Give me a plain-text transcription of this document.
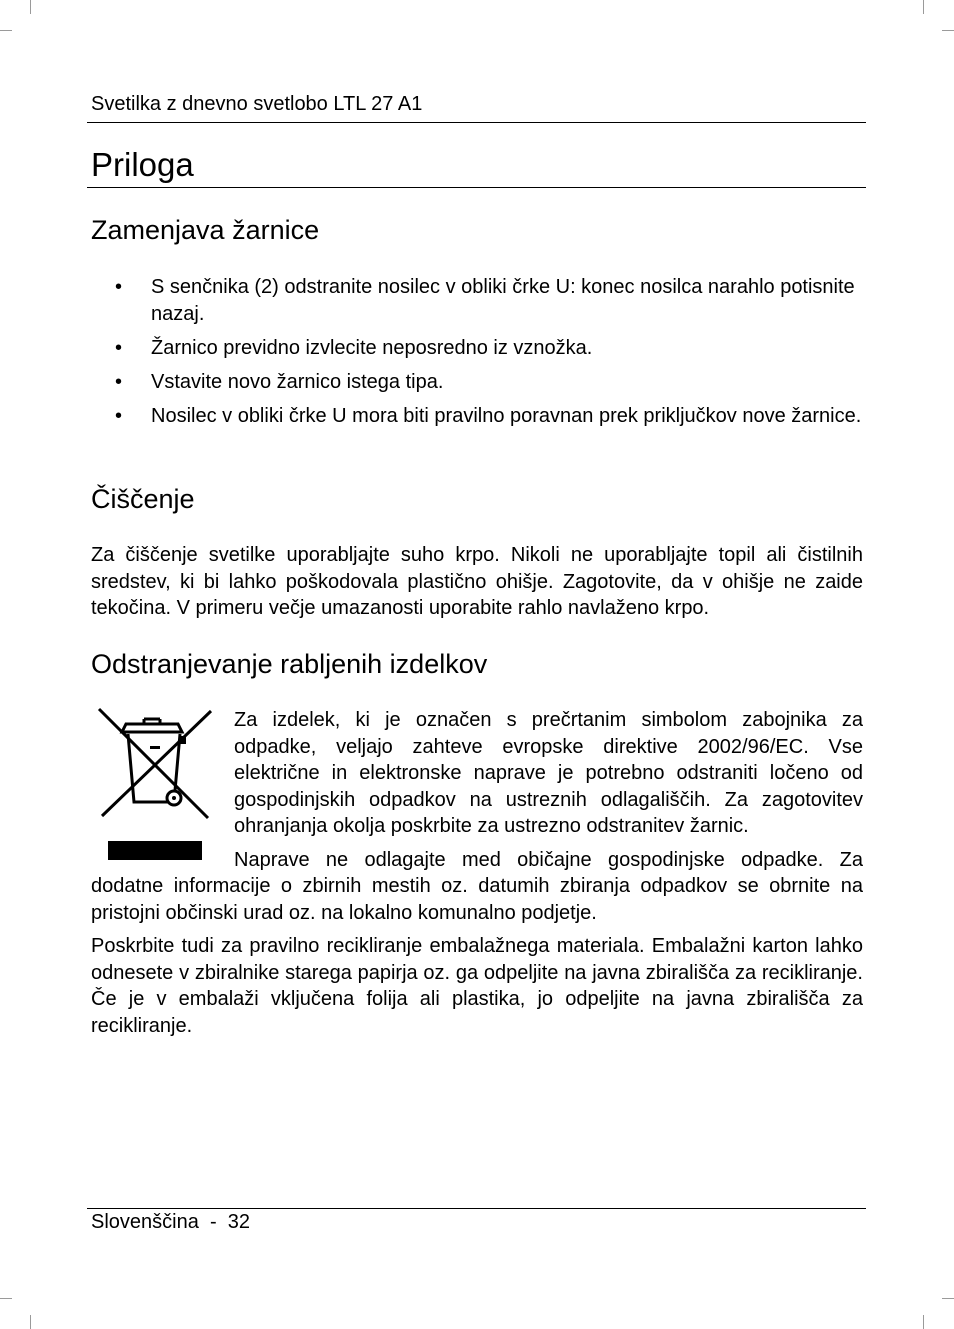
Svetilka z dnevno svetlobo LTL 27 A1
Priloga
Zamenjava žarnice
• S senčnika (2) odstranite nosilec v obliki črke U: konec nosilca narahlo potisnite nazaj.
• Žarnico previdno izvlecite neposredno iz vznožka.
• Vstavite novo žarnico istega tipa.
• Nosilec v obliki črke U mora biti pravilno poravnan prek priključkov nove žarnice.
Čiščenje

Za čiščenje svetilke uporabljajte suho krpo. Nikoli ne uporabljajte topil ali čistilnih sredstev, ki bi lahko poškodovala plastično ohišje. Zagotovite, da v ohišje ne zaide tekočina. V primeru večje umazanosti uporabite rahlo navlaženo krpo.

Odstranjevanje rabljenih izdelkov

Za izdelek, ki je označen s prečrtanim simbolom zabojnika za odpadke, veljajo zahteve evropske direktive 2002/96/EC. Vse električne in elektronske naprave je potrebno odstraniti ločeno od gospodinjskih odpadkov na ustreznih odlagališčih. Za zagotovitev ohranjanja okolja poskrbite za ustrezno odstranitev žarnic.

Naprave ne odlagajte med običajne gospodinjske odpadke. Za dodatne informacije o zbirnih mestih oz. datumih zbiranja odpadkov se obrnite na pristojni občinski urad oz. na lokalno komunalno podjetje.

Poskrbite tudi za pravilno recikliranje embalažnega materiala. Embalažni karton lahko odnesete v zbiralnike starega papirja oz. ga odpeljite na javna zbirališča za recikliranje. Če je v embalaži vključena folija ali plastika, jo odpeljite na javna zbirališča za recikliranje.

Slovenščina - 32
